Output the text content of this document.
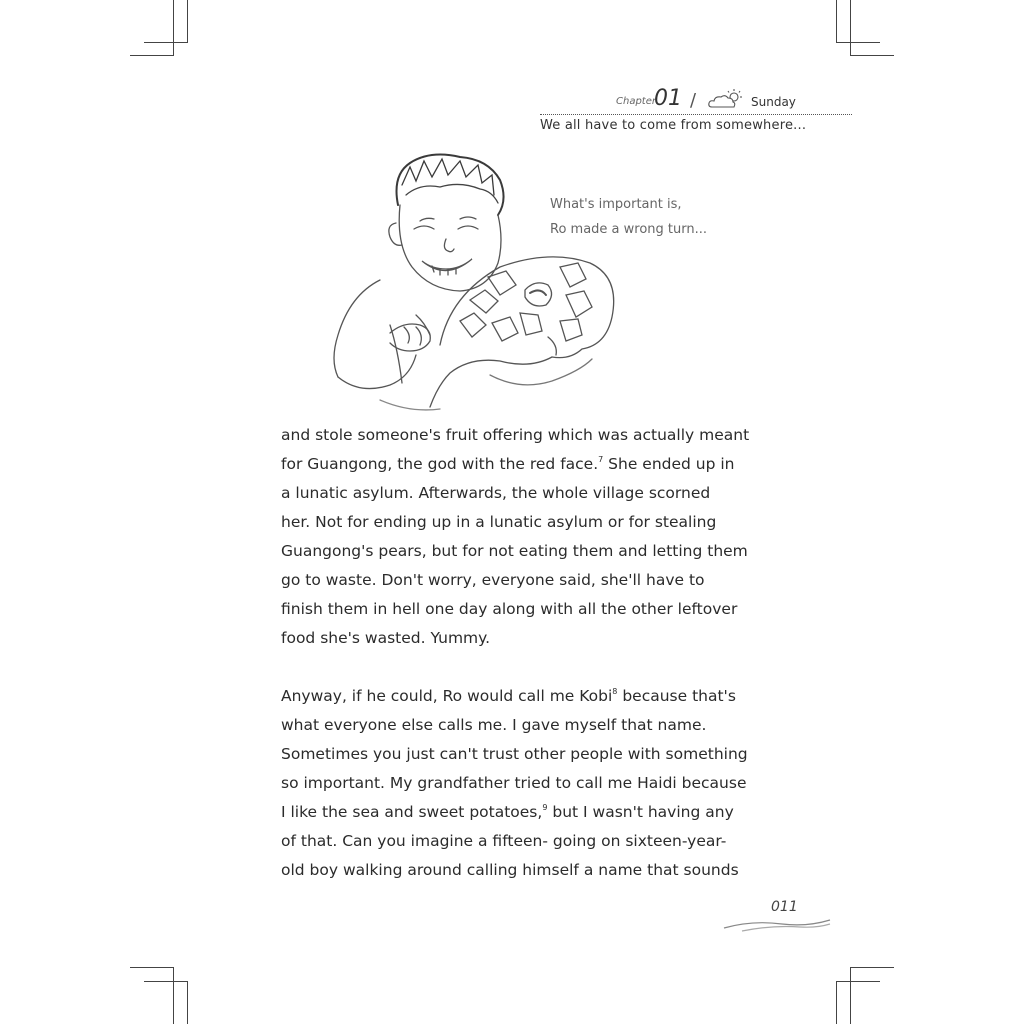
Chapter
01 /	Sunday
We all have to come from somewhere...
What's important is,
Ro made a wrong turn...

and stole someone's fruit offering which was actually meant

for Guangong, the god with the red face.$^7$ She ended up in

a lunatic asylum. Afterwards, the whole village scorned

her. Not for ending up in a lunatic asylum or for stealing

Guangong's pears, but for not eating them and letting them

go to waste. Don't worry, everyone said, she'll have to

finish them in hell one day along with all the other leftover

food she's wasted. Yummy.

Anyway, if he could, Ro would call me Kobi$^8$ because that's

what everyone else calls me. I gave myself that name.

Sometimes you just can't trust other people with something

so important. My grandfather tried to call me Haidi because

I like the sea and sweet potatoes,$^9$ but I wasn't having any

of that. Can you imagine a fifteen- going on sixteen-year-

old boy walking around calling himself a name that sounds

011
